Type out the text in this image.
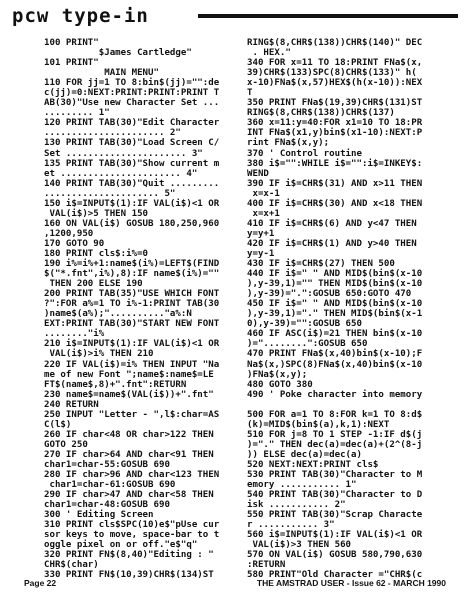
pcw type-in
100 PRINT"
$James Cartledge"
101 PRINT"
MAIN MENU"
110 FOR jj=1 TO 8:bin$(jj)="":de
c(jj)=0:NEXT:PRINT:PRINT:PRINT T
AB(30)"Use new Character Set ...
......... 1"
120 PRINT TAB(30)"Edit Character
...................... 2"
130 PRINT TAB(30)"Load Screen C/
Set ...................... 3"
135 PRINT TAB(30)"Show current m
et ...................... 4"
140 PRINT TAB(30)"Quit .........
..................... 5"
150 i$=INPUT$(1):IF VAL(i$)<1 OR
VAL(i$)>5 THEN 150
160 ON VAL(i$) GOSUB 180,250,960
,1200,950
170 GOTO 90
180 PRINT cls$:i%=0
190 i%=i%+1:name$(i%)=LEFT$(FIND
$("*.fnt",i%),8):IF name$(i%)=""
THEN 200 ELSE 190
200 PRINT TAB(35)"USE WHICH FONT
?":FOR a%=1 TO i%-1:PRINT TAB(30
)name$(a%);".........."a%:N
EXT:PRINT TAB(30)"START NEW FONT
........"i%
210 i$=INPUT$(1):IF VAL(i$)<1 OR
VAL(i$)>i% THEN 210
220 IF VAL(i$)=i% THEN INPUT "Na
me of new Font ";name$:name$=LE
FT$(name$,8)+".fnt":RETURN
230 name$=name$(VAL(i$))+".fnt"
240 RETURN
250 INPUT "Letter - ",l$:char=AS
C(l$)
260 IF char<48 OR char>122 THEN
GOTO 250
270 IF char>64 AND char<91 THEN
char1=char-55:GOSUB 690
280 IF char>96 AND char<123 THEN
char1=char-61:GOSUB 690
290 IF char>47 AND char<58 THEN
char1=char-48:GOSUB 690
300 ' Editing Screen
310 PRINT cls$SPC(10)e$"pUse cur
sor keys to move, space-bar to t
oggle pixel on or off."e$"q"
320 PRINT FN$(8,40)"Editing : "
CHR$(char)
330 PRINT FN$(10,39)CHR$(134)ST
RING$(8,CHR$(138))CHR$(140)" DEC
. HEX."
340 FOR x=11 TO 18:PRINT FNa$(x,
39)CHR$(133)SPC(8)CHR$(133)" h(
x-10)FNa$(x,57)HEX$(h(x-10)):NEX
T
350 PRINT FNa$(19,39)CHR$(131)ST
RING$(8,CHR$(138))CHR$(137)
360 x=11:y=40:FOR x1=10 TO 18:PR
INT FNa$(x1,y)bin$(x1-10):NEXT:P
rint FNa$(x,y);
370 ' Control routine
380 i$="":WHILE i$="":i$=INKEY$:
WEND
390 IF i$=CHR$(31) AND x>11 THEN
x=x-1
400 IF i$=CHR$(30) AND x<18 THEN
x=x+1
410 IF i$=CHR$(6) AND y<47 THEN
y=y+1
420 IF i$=CHR$(1) AND y>40 THEN
y=y-1
430 IF i$=CHR$(27) THEN 500
440 IF i$=" " AND MID$(bin$(x-10
),y-39,1)="" THEN MID$(bin$(x-10
),y-39)=".":GOSUB 650:GOTO 470
450 IF i$=" " AND MID$(bin$(x-10
),y-39,1)="." THEN MID$(bin$(x-1
0),y-39)="":GOSUB 650
460 IF ASC(i$)=21 THEN bin$(x-10
)="........":GOSUB 650
470 PRINT FNa$(x,40)bin$(x-10);F
Na$(x,)SPC(8)FNa$(x,40)bin$(x-10
)FNa$(x,y);
480 GOTO 380
490 ' Poke character into memory
500 FOR a=1 TO 8:FOR k=1 TO 8:d$
(k)=MID$(bin$(a),k,1):NEXT
510 FOR j=8 TO 1 STEP -1:IF d$(j
)="." THEN dec(a)=dec(a)+(2^(8-j
)) ELSE dec(a)=dec(a)
520 NEXT:NEXT:PRINT cls$
530 PRINT TAB(30)"Character to M
emory ........... 1"
540 PRINT TAB(30)"Character to D
isk ........... 2"
550 PRINT TAB(30)"Scrap Characte
r ........... 3"
560 i$=INPUT$(1):IF VAL(i$)<1 OR
VAL(i$)>3 THEN 560
570 ON VAL(i$) GOSUB 580,790,630
:RETURN
580 PRINT"Old Character ="CHR$(c
Page 22	THE AMSTRAD USER - Issue 62 - MARCH 1990
